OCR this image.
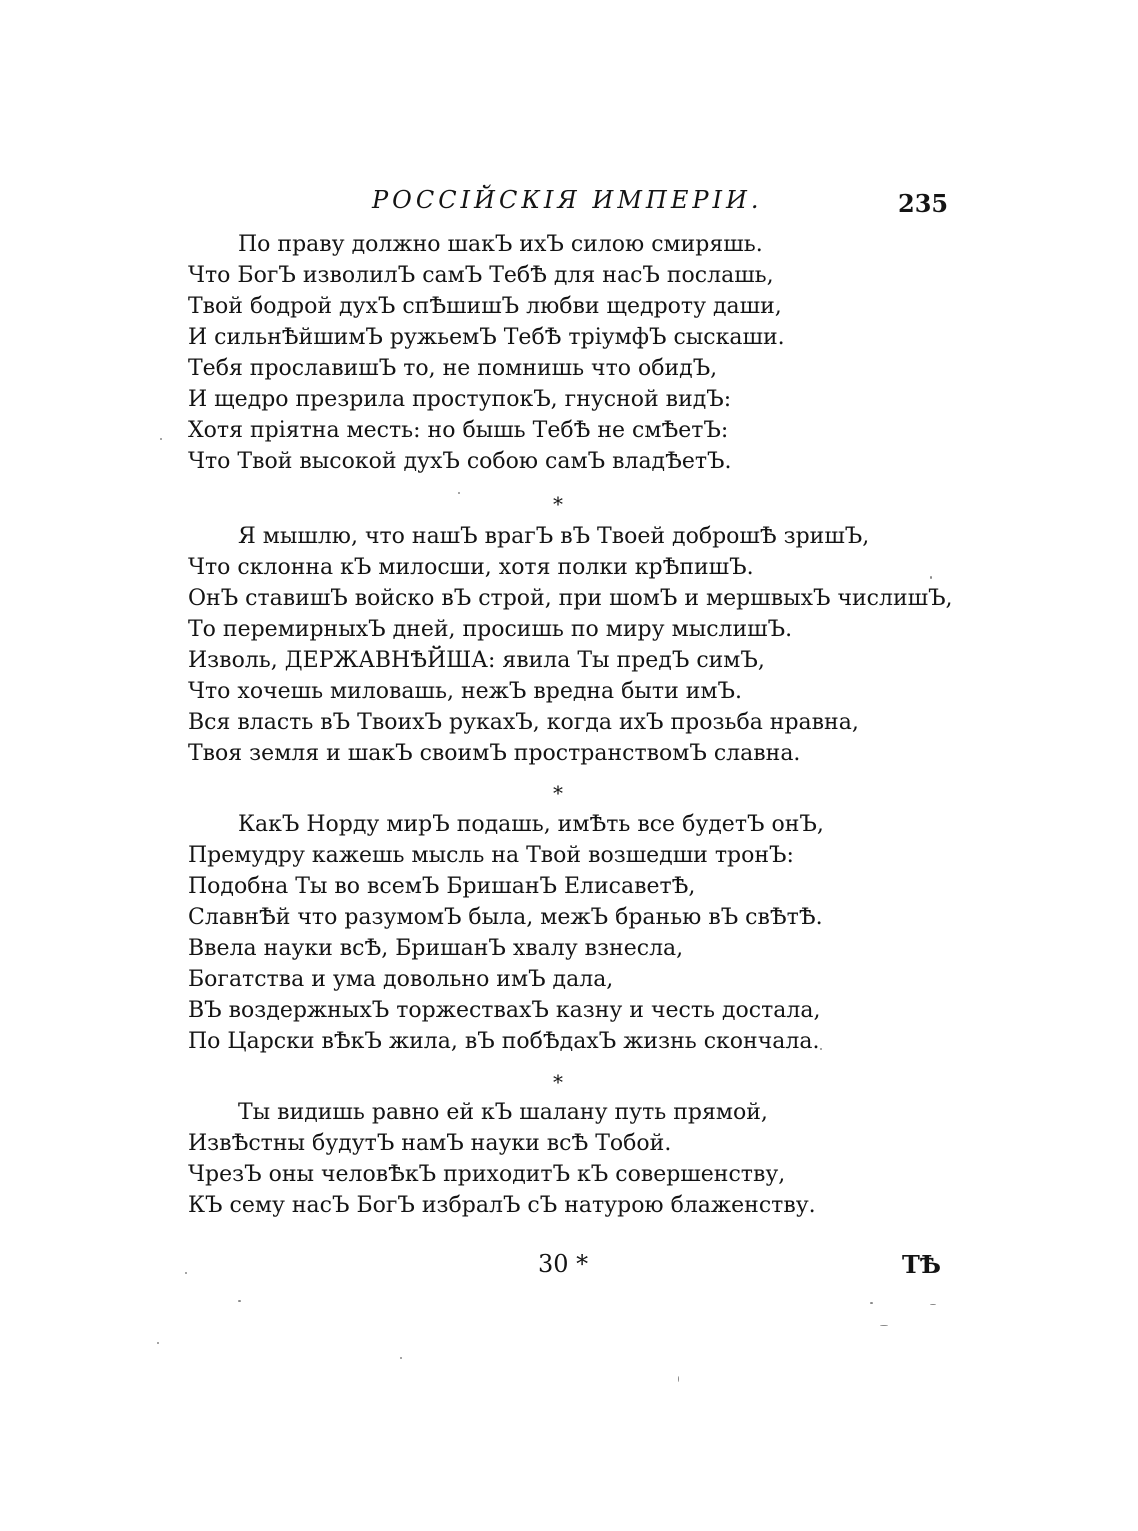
РОССІЙСКІЯ ИМПЕРІИ.	235
По праву должно шакЪ ихЪ силою смиряшь.
Что БогЪ изволилЪ самЪ ТебѢ для насЪ послашь,
Твой бодрой духЪ спѢшишЪ любви щедроту даши,
И сильнѢйшимЪ ружьемЪ ТебѢ тріумфЪ сыскаши.
Тебя прославишЪ то, не помнишь что обидЪ,
И щедро презрила проступокЪ, гнусной видЪ:
Хотя пріятна месть: но бышь ТебѢ не смѢетЪ:
Что Твой высокой духЪ собою самЪ владѢетЪ.
*
Я мышлю, что нашЪ врагЪ вЪ Твоей доброшѢ зришЪ,
Что склонна кЪ милосши, хотя полки крѢпишЪ.
ОнЪ ставишЪ войско вЪ строй, при шомЪ и мершвыхЪ числишЪ,
То перемирныхЪ дней, просишь по миру мыслишЪ.
Изволь, ДЕРЖАВНѢЙША: явила Ты предЪ симЪ,
Что хочешь миловашь, нежЪ вредна быти имЪ.
Вся власть вЪ ТвоихЪ рукахЪ, когда ихЪ прозьба нравна,
Твоя земля и шакЪ своимЪ пространствомЪ славна.
*
КакЪ Норду мирЪ подашь, имѢть все будетЪ онЪ,
Премудру кажешь мысль на Твой возшедши тронЪ:
Подобна Ты во всемЪ БришанЪ ЕлисаветѢ,
СлавнѢй что разумомЪ была, межЪ бранью вЪ свѢтѢ.
Ввела науки всѢ, БришанЪ хвалу взнесла,
Богатства и ума довольно имЪ дала,
ВЪ воздержныхЪ торжествахЪ казну и честь достала,
По Царски вѢкЪ жила, вЪ побѢдахЪ жизнь скончала.
*
Ты видишь равно ей кЪ шалану путь прямой,
ИзвѢстны будутЪ намЪ науки всѢ Тобой.
ЧрезЪ оны человѢкЪ приходитЪ кЪ совершенству,
КЪ сему насЪ БогЪ избралЪ сЪ натурою блаженству.
30 *	ТѢ
